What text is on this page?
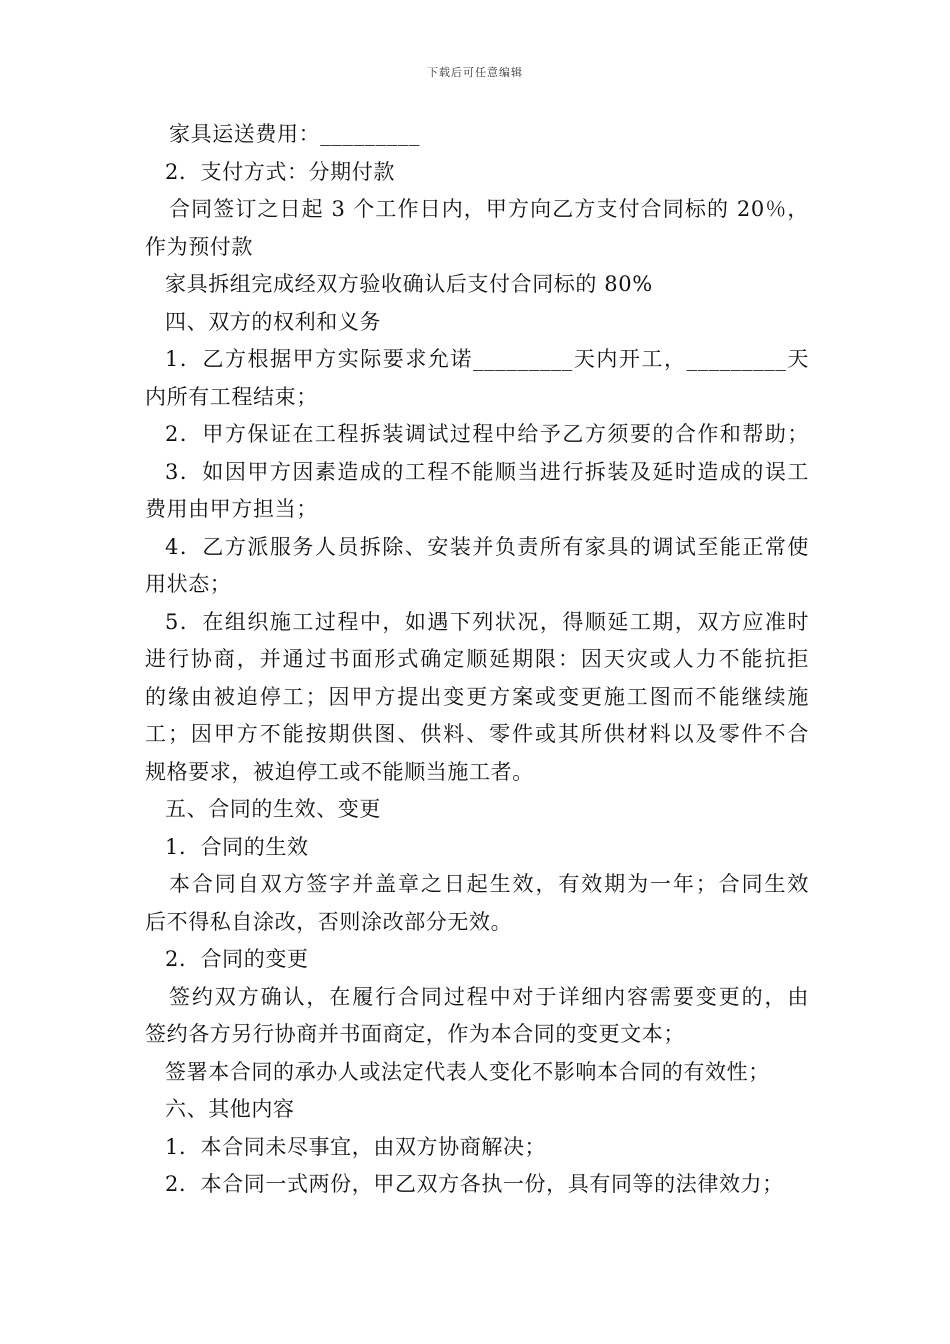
下载后可任意编辑
家具运送费用：_________
2．支付方式：分期付款
合同签订之日起 3 个工作日内，甲方向乙方支付合同标的 20％，
作为预付款
家具拆组完成经双方验收确认后支付合同标的 80%
四、双方的权利和义务
1．乙方根据甲方实际要求允诺_________天内开工，_________天
内所有工程结束；
2．甲方保证在工程拆装调试过程中给予乙方须要的合作和帮助；
3．如因甲方因素造成的工程不能顺当进行拆装及延时造成的误工
费用由甲方担当；
4．乙方派服务人员拆除、安装并负责所有家具的调试至能正常使
用状态；
5．在组织施工过程中，如遇下列状况，得顺延工期，双方应准时
进行协商，并通过书面形式确定顺延期限：因天灾或人力不能抗拒
的缘由被迫停工；因甲方提出变更方案或变更施工图而不能继续施
工；因甲方不能按期供图、供料、零件或其所供材料以及零件不合
规格要求，被迫停工或不能顺当施工者。
五、合同的生效、变更
1．合同的生效
本合同自双方签字并盖章之日起生效，有效期为一年；合同生效
后不得私自涂改，否则涂改部分无效。
2．合同的变更
签约双方确认，在履行合同过程中对于详细内容需要变更的，由
签约各方另行协商并书面商定，作为本合同的变更文本；
签署本合同的承办人或法定代表人变化不影响本合同的有效性；
六、其他内容
1．本合同未尽事宜，由双方协商解决；
2．本合同一式两份，甲乙双方各执一份，具有同等的法律效力；
